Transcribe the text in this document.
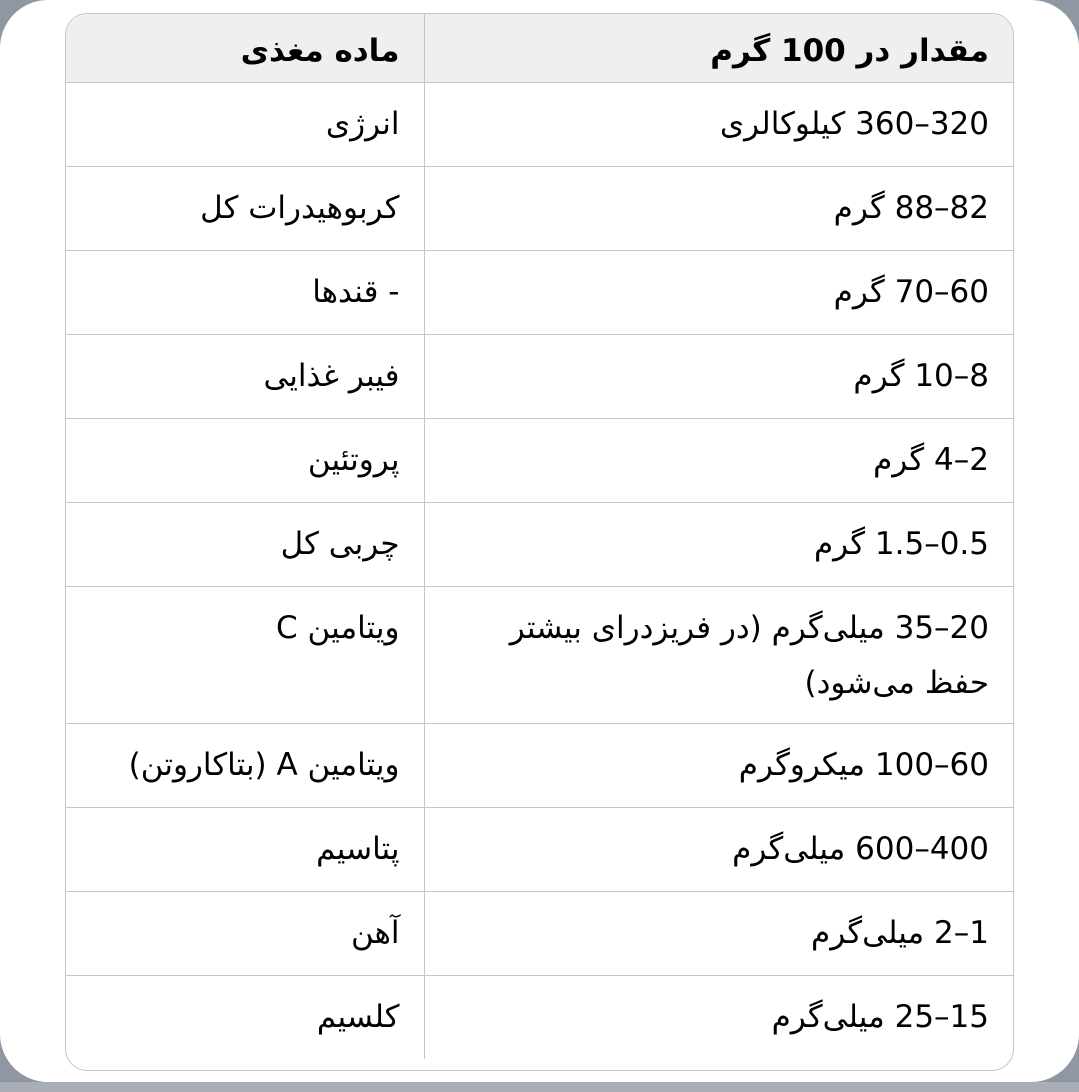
مقدار در 100 گرم	ماده مغذی
320–360 کیلوکالری	انرژی
82–88 گرم	کربوهیدرات کل
60–70 گرم	- قندها
8–10 گرم	فیبر غذایی
2–4 گرم	پروتئین
0.5–1.5 گرم	چربی کل
20–35 میلی‌گرم (در فریزدرای بیشتر حفظ می‌شود)	ویتامین C
60–100 میکروگرم	ویتامین A (بتاکاروتن)
400–600 میلی‌گرم	پتاسیم
1–2 میلی‌گرم	آهن
15–25 میلی‌گرم	کلسیم
